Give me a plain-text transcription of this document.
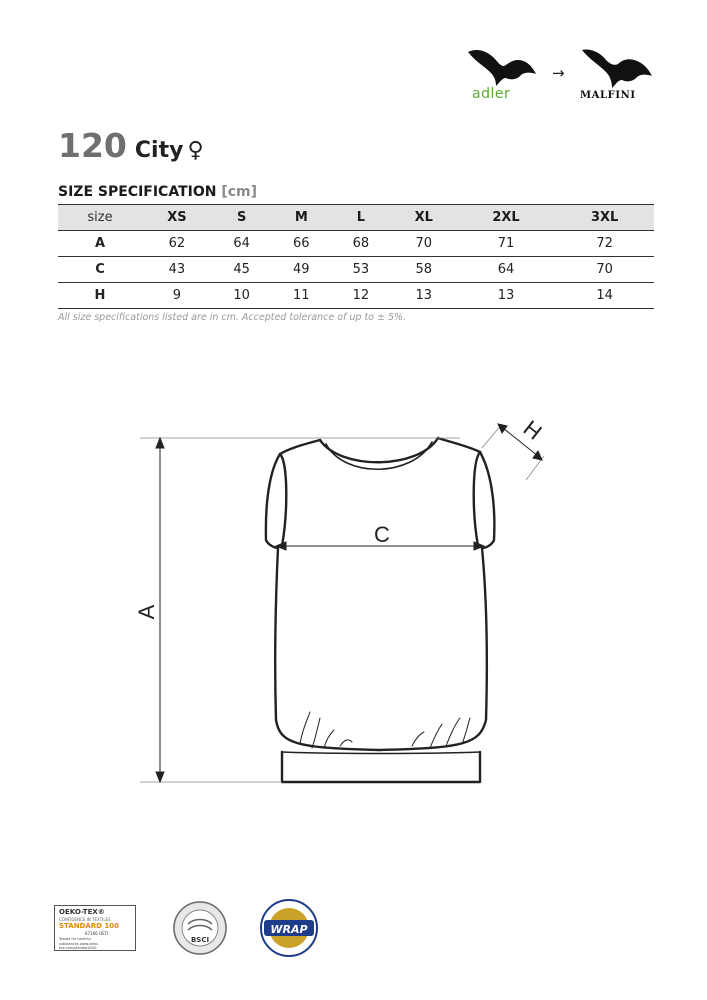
adler
→
MALFINI
120 City ♀
SIZE SPECIFICATION [cm]
size	XS	S	M	L	XL	2XL	3XL
A	62	64	66	68	70	71	72
C	43	45	49	53	58	64	70
H	9	10	11	12	13	13	14
All size specifications listed are in cm. Accepted tolerance of up to ± 5%.
A
C
H
OEKO-TEX®
CONFIDENCE IN TEXTILES
STANDARD 100
67166 OETI
Tested for harmful substances www.oeko-tex.com/standard100
BSCI
WRAP
